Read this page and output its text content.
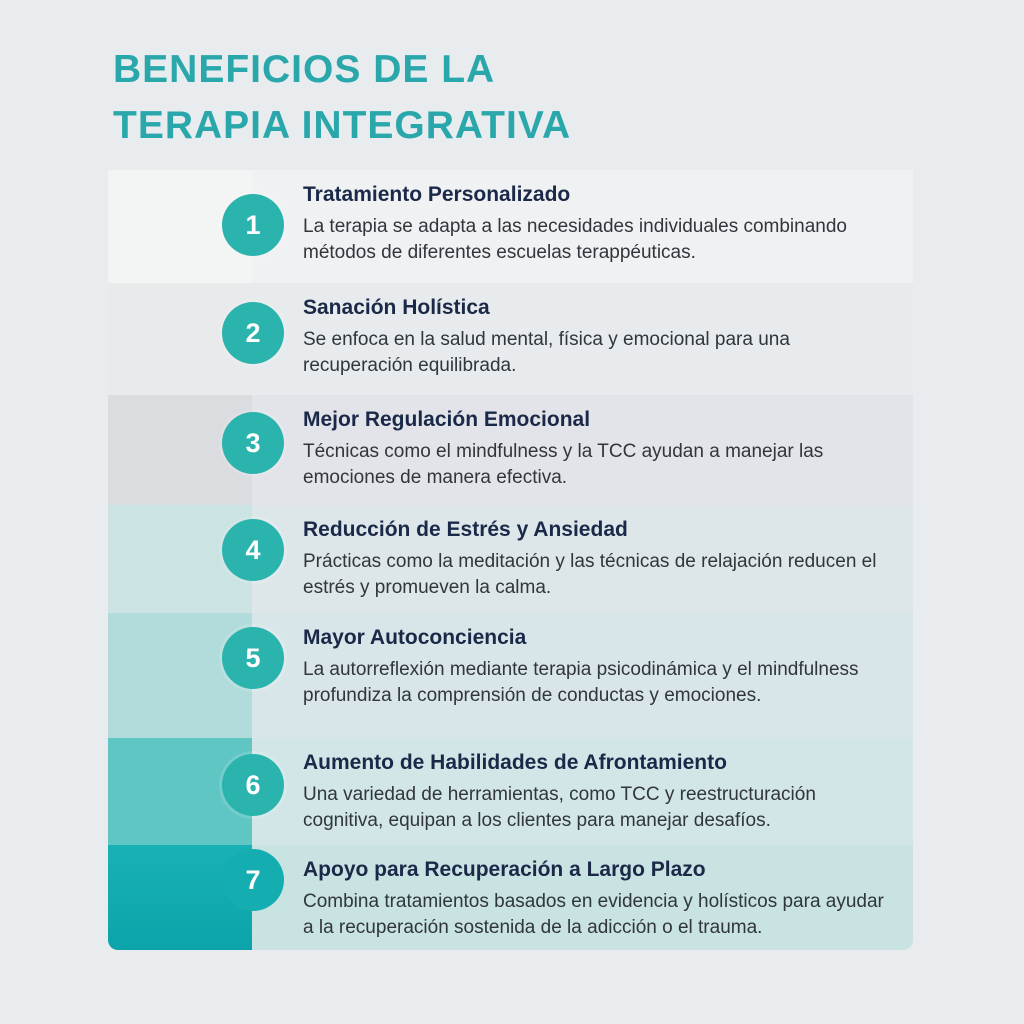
BENEFICIOS DE LA
TERAPIA INTEGRATIVA
Tratamiento Personalizado

La terapia se adapta a las necesidades individuales combinando métodos de diferentes escuelas terappéuticas.

1
Sanación Holística

Se enfoca en la salud mental, física y emocional para una recuperación equilibrada.

2
Mejor Regulación Emocional

Técnicas como el mindfulness y la TCC ayudan a manejar las emociones de manera efectiva.

3
Reducción de Estrés y Ansiedad

Prácticas como la meditación y las técnicas de relajación reducen el estrés y promueven la calma.

4
Mayor Autoconciencia

La autorreflexión mediante terapia psicodinámica y el mindfulness profundiza la comprensión de conductas y emociones.

5
Aumento de Habilidades de Afrontamiento

Una variedad de herramientas, como TCC y reestructuración cognitiva, equipan a los clientes para manejar desafíos.

6
Apoyo para Recuperación a Largo Plazo

Combina tratamientos basados en evidencia y holísticos para ayudar a la recuperación sostenida de la adicción o el trauma.

7
